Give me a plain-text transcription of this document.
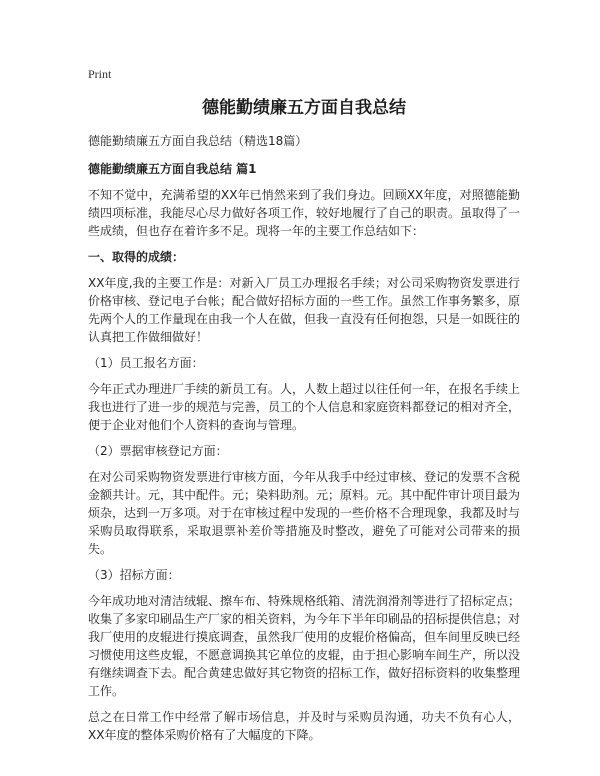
Print
德能勤绩廉五方面自我总结
德能勤绩廉五方面自我总结（精选18篇）
德能勤绩廉五方面自我总结 篇1
不知不觉中，充满希望的XX年已悄然来到了我们身边。回顾XX年度，对照德能勤绩四项标准，我能尽心尽力做好各项工作，较好地履行了自己的职责。虽取得了一些成绩，但也存在着许多不足。现将一年的主要工作总结如下：
一、取得的成绩：
XX年度,我的主要工作是：对新入厂员工办理报名手续；对公司采购物资发票进行价格审核、登记电子台帐；配合做好招标方面的一些工作。虽然工作事务繁多，原先两个人的工作量现在由我一个人在做，但我一直没有任何抱怨，只是一如既往的认真把工作做细做好！
（1）员工报名方面：
今年正式办理进厂手续的新员工有。人，人数上超过以往任何一年，在报名手续上我也进行了进一步的规范与完善，员工的个人信息和家庭资料都登记的相对齐全，便于企业对他们个人资料的查询与管理。
（2）票据审核登记方面：
在对公司采购物资发票进行审核方面，今年从我手中经过审核、登记的发票不含税金额共计。元，其中配件。元；染料助剂。元；原料。元。其中配件审计项目最为烦杂，达到一万多项。对于在审核过程中发现的一些价格不合理现象，我都及时与采购员取得联系，采取退票补差价等措施及时整改，避免了可能对公司带来的损失。
（3）招标方面：
今年成功地对清洁绒辊、擦车布、特殊规格纸箱、清洗润滑剂等进行了招标定点；收集了多家印刷品生产厂家的相关资料，为今年下半年印刷品的招标提供信息；对我厂使用的皮辊进行摸底调查，虽然我厂使用的皮辊价格偏高，但车间里反映已经习惯使用这些皮辊，不愿意调换其它单位的皮辊，由于担心影响车间生产，所以没有继续调查下去。配合黄建忠做好其它物资的招标工作，做好招标资料的收集整理工作。
总之在日常工作中经常了解市场信息，并及时与采购员沟通，功夫不负有心人，XX年度的整体采购价格有了大幅度的下降。
